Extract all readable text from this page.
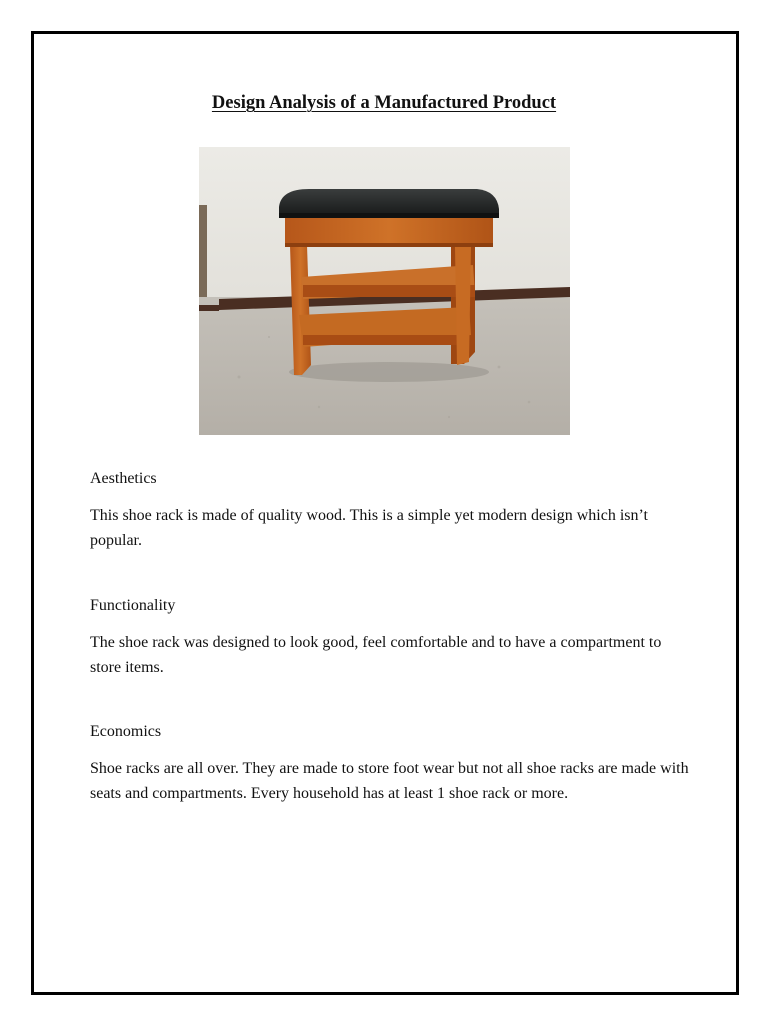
Design Analysis of a Manufactured Product
Aesthetics

This shoe rack is made of quality wood. This is a simple yet modern design which isn’t popular.

Functionality

The shoe rack was designed to look good, feel comfortable and to have a compartment to store items.

Economics

Shoe racks are all over. They are made to store foot wear but not all shoe racks are made with seats and compartments. Every household has at least 1 shoe rack or more.
